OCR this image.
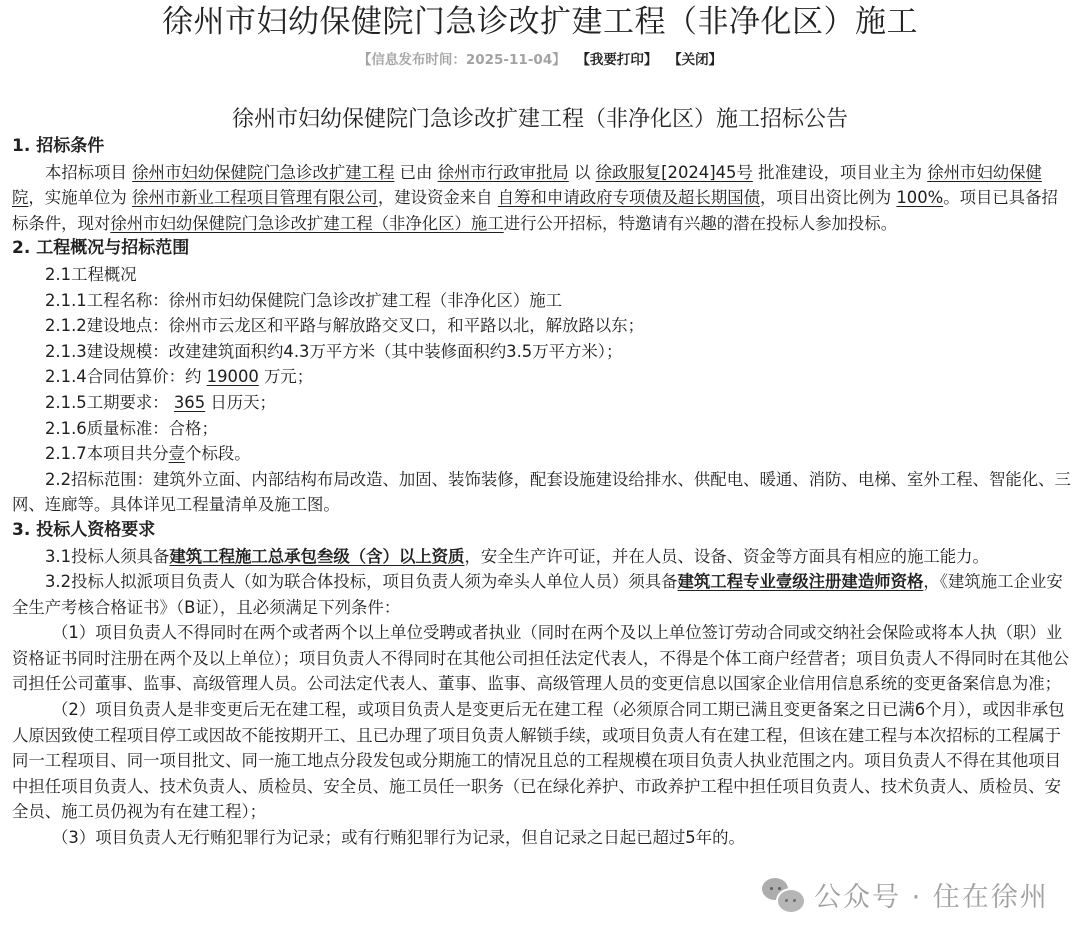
徐州市妇幼保健院门急诊改扩建工程（非净化区）施工
【信息发布时间：2025-11-04】 【我要打印】 【关闭】
徐州市妇幼保健院门急诊改扩建工程（非净化区）施工招标公告

1. 招标条件

本招标项目 徐州市妇幼保健院门急诊改扩建工程 已由 徐州市行政审批局 以 徐政服复[2024]45号 批准建设，项目业主为 徐州市妇幼保健院，实施单位为 徐州市新业工程项目管理有限公司，建设资金来自 自筹和申请政府专项债及超长期国债，项目出资比例为 100%。项目已具备招标条件，现对徐州市妇幼保健院门急诊改扩建工程（非净化区）施工进行公开招标，特邀请有兴趣的潜在投标人参加投标。

2. 工程概况与招标范围

2.1工程概况

2.1.1工程名称：徐州市妇幼保健院门急诊改扩建工程（非净化区）施工

2.1.2建设地点：徐州市云龙区和平路与解放路交叉口，和平路以北，解放路以东；

2.1.3建设规模：改建建筑面积约4.3万平方米（其中装修面积约3.5万平方米）；

2.1.4合同估算价：约 19000 万元；

2.1.5工期要求： 365 日历天；

2.1.6质量标准：合格；

2.1.7本项目共分壹个标段。

2.2招标范围：建筑外立面、内部结构布局改造、加固、装饰装修，配套设施建设给排水、供配电、暖通、消防、电梯、室外工程、智能化、三网、连廊等。具体详见工程量清单及施工图。

3. 投标人资格要求

3.1投标人须具备建筑工程施工总承包叁级（含）以上资质，安全生产许可证，并在人员、设备、资金等方面具有相应的施工能力。

3.2投标人拟派项目负责人（如为联合体投标，项目负责人须为牵头人单位人员）须具备建筑工程专业壹级注册建造师资格，《建筑施工企业安全生产考核合格证书》（B证），且必须满足下列条件：

（1）项目负责人不得同时在两个或者两个以上单位受聘或者执业（同时在两个及以上单位签订劳动合同或交纳社会保险或将本人执（职）业资格证书同时注册在两个及以上单位）；项目负责人不得同时在其他公司担任法定代表人，不得是个体工商户经营者；项目负责人不得同时在其他公司担任公司董事、监事、高级管理人员。公司法定代表人、董事、监事、高级管理人员的变更信息以国家企业信用信息系统的变更备案信息为准；

（2）项目负责人是非变更后无在建工程，或项目负责人是变更后无在建工程（必须原合同工期已满且变更备案之日已满6个月），或因非承包人原因致使工程项目停工或因故不能按期开工、且已办理了项目负责人解锁手续，或项目负责人有在建工程，但该在建工程与本次招标的工程属于同一工程项目、同一项目批文、同一施工地点分段发包或分期施工的情况且总的工程规模在项目负责人执业范围之内。项目负责人不得在其他项目中担任项目负责人、技术负责人、质检员、安全员、施工员任一职务（已在绿化养护、市政养护工程中担任项目负责人、技术负责人、质检员、安全员、施工员仍视为有在建工程）；

（3）项目负责人无行贿犯罪行为记录；或有行贿犯罪行为记录，但自记录之日起已超过5年的。

公众号 · 住在徐州
